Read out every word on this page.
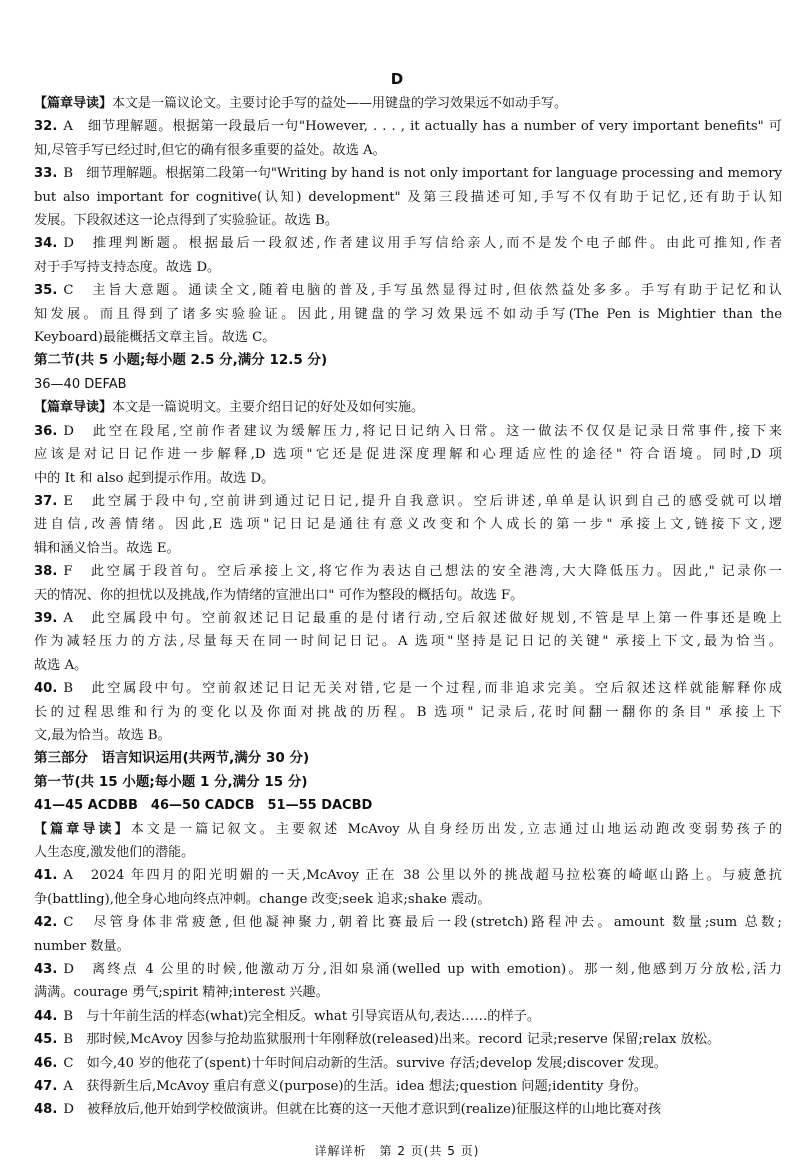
D

【篇章导读】本文是一篇议论文。主要讨论手写的益处——用键盘的学习效果远不如动手写。

32. A　细节理解题。根据第一段最后一句"However, . . . , it actually has a number of very important benefits" 可

知,尽管手写已经过时,但它的确有很多重要的益处。故选 A。

33. B　细节理解题。根据第二段第一句"Writing by hand is not only important for language processing and memory

but also important for cognitive(认知) development" 及第三段描述可知,手写不仅有助于记忆,还有助于认知

发展。下段叙述这一论点得到了实验验证。故选 B。

34. D　推理判断题。根据最后一段叙述,作者建议用手写信给亲人,而不是发个电子邮件。由此可推知,作者

对于手写持支持态度。故选 D。

35. C　主旨大意题。通读全文,随着电脑的普及,手写虽然显得过时,但依然益处多多。手写有助于记忆和认

知发展。而且得到了诸多实验验证。因此,用键盘的学习效果远不如动手写(The Pen is Mightier than the

Keyboard)最能概括文章主旨。故选 C。

第二节(共 5 小题;每小题 2.5 分,满分 12.5 分)

36—40 DEFAB

【篇章导读】本文是一篇说明文。主要介绍日记的好处及如何实施。

36. D　此空在段尾,空前作者建议为缓解压力,将记日记纳入日常。这一做法不仅仅是记录日常事件,接下来

应该是对记日记作进一步解释,D 选项"它还是促进深度理解和心理适应性的途径" 符合语境。同时,D 项

中的 It 和 also 起到提示作用。故选 D。

37. E　此空属于段中句,空前讲到通过记日记,提升自我意识。空后讲述,单单是认识到自己的感受就可以增

进自信,改善情绪。因此,E 选项"记日记是通往有意义改变和个人成长的第一步" 承接上文,链接下文,逻

辑和涵义恰当。故选 E。

38. F　此空属于段首句。空后承接上文,将它作为表达自己想法的安全港湾,大大降低压力。因此," 记录你一

天的情况、你的担忧以及挑战,作为情绪的宣泄出口" 可作为整段的概括句。故选 F。

39. A　此空属段中句。空前叙述记日记最重的是付诸行动,空后叙述做好规划,不管是早上第一件事还是晚上

作为减轻压力的方法,尽量每天在同一时间记日记。A 选项"坚持是记日记的关键" 承接上下文,最为恰当。

故选 A。

40. B　此空属段中句。空前叙述记日记无关对错,它是一个过程,而非追求完美。空后叙述这样就能解释你成

长的过程思维和行为的变化以及你面对挑战的历程。B 选项" 记录后,花时间翻一翻你的条目" 承接上下

文,最为恰当。故选 B。

第三部分　语言知识运用(共两节,满分 30 分)

第一节(共 15 小题;每小题 1 分,满分 15 分)

41—45 ACDBB  46—50 CADCB  51—55 DACBD

【篇章导读】本文是一篇记叙文。主要叙述 McAvoy 从自身经历出发,立志通过山地运动跑改变弱势孩子的

人生态度,激发他们的潜能。

41. A　2024 年四月的阳光明媚的一天,McAvoy 正在 38 公里以外的挑战超马拉松赛的崎岖山路上。与疲惫抗

争(battling),他全身心地向终点冲刺。change 改变;seek 追求;shake 震动。

42. C　尽管身体非常疲惫,但他凝神聚力,朝着比赛最后一段(stretch)路程冲去。amount 数量;sum 总数;

number 数量。

43. D　离终点 4 公里的时候,他激动万分,泪如泉涌(welled up with emotion)。那一刻,他感到万分放松,活力

满满。courage 勇气;spirit 精神;interest 兴趣。

44. B　与十年前生活的样态(what)完全相反。what 引导宾语从句,表达……的样子。

45. B　那时候,McAvoy 因参与抢劫监狱服刑十年刚释放(released)出来。record 记录;reserve 保留;relax 放松。

46. C　如今,40 岁的他花了(spent)十年时间启动新的生活。survive 存活;develop 发展;discover 发现。

47. A　获得新生后,McAvoy 重启有意义(purpose)的生活。idea 想法;question 问题;identity 身份。

48. D　被释放后,他开始到学校做演讲。但就在比赛的这一天他才意识到(realize)征服这样的山地比赛对孩

详解详析　第 2 页(共 5 页)
